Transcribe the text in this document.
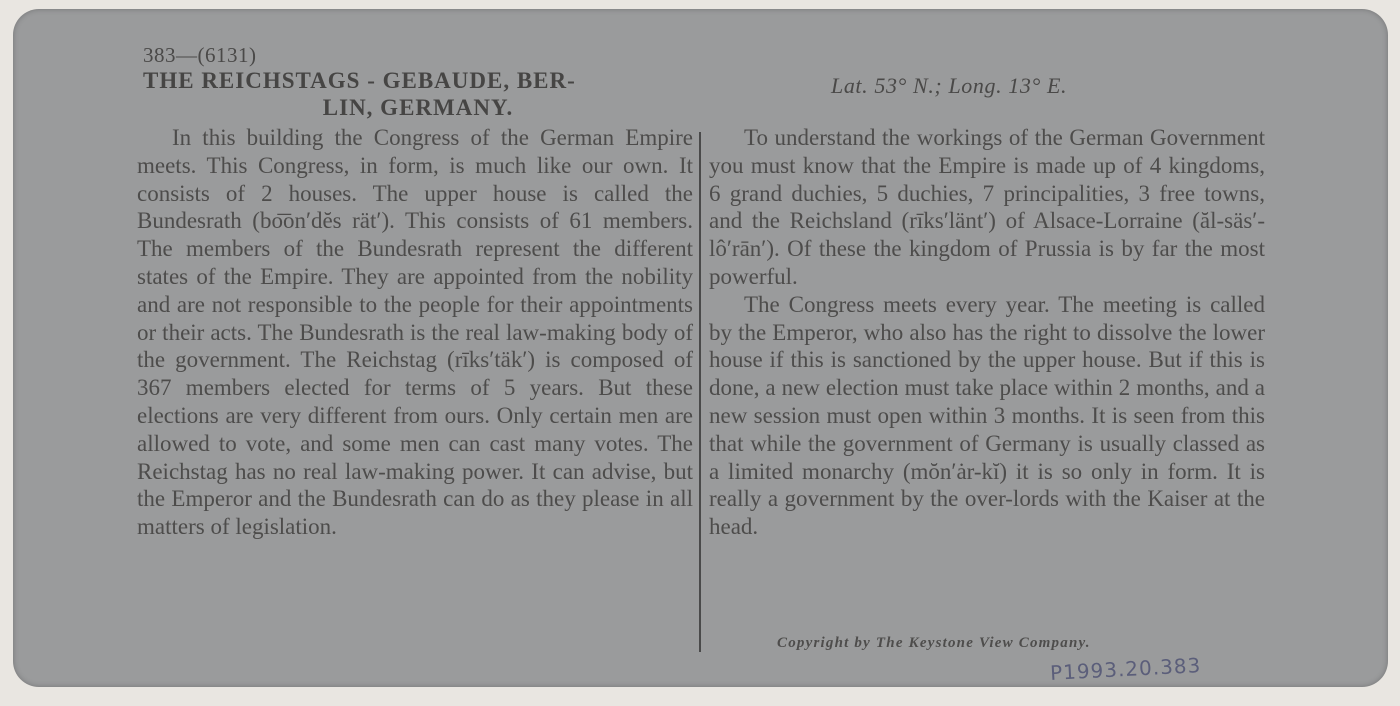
383—(6131)
THE REICHSTAGS - GEBAUDE, BER-
LIN, GERMANY.
Lat. 53° N.; Long. 13° E.

In this building the Congress of the German Empire meets. This Congress, in form, is much like our own. It consists of 2 houses. The upper house is called the Bundesrath (bo͞on′dĕs rät′). This consists of 61 members. The members of the Bundesrath represent the different states of the Empire. They are appointed from the nobility and are not responsible to the people for their appointments or their acts. The Bundesrath is the real law-making body of the government. The Reichstag (rīks′täk′) is composed of 367 members elected for terms of 5 years. But these elections are very different from ours. Only certain men are allowed to vote, and some men can cast many votes. The Reichstag has no real law-making power. It can advise, but the Emperor and the Bundesrath can do as they please in all matters of legislation.

To understand the workings of the German Government you must know that the Empire is made up of 4 kingdoms, 6 grand duchies, 5 duchies, 7 principalities, 3 free towns, and the Reichsland (rīks′länt′) of Alsace-Lorraine (ăl-säs′-lô′rān′). Of these the kingdom of Prussia is by far the most powerful.

The Congress meets every year. The meeting is called by the Emperor, who also has the right to dissolve the lower house if this is sanctioned by the upper house. But if this is done, a new election must take place within 2 months, and a new session must open within 3 months. It is seen from this that while the government of Germany is usually classed as a limited monarchy (mŏn′ȧr-kĭ) it is so only in form. It is really a government by the over-lords with the Kaiser at the head.

Copyright by The Keystone View Company.
P1993.20.383
